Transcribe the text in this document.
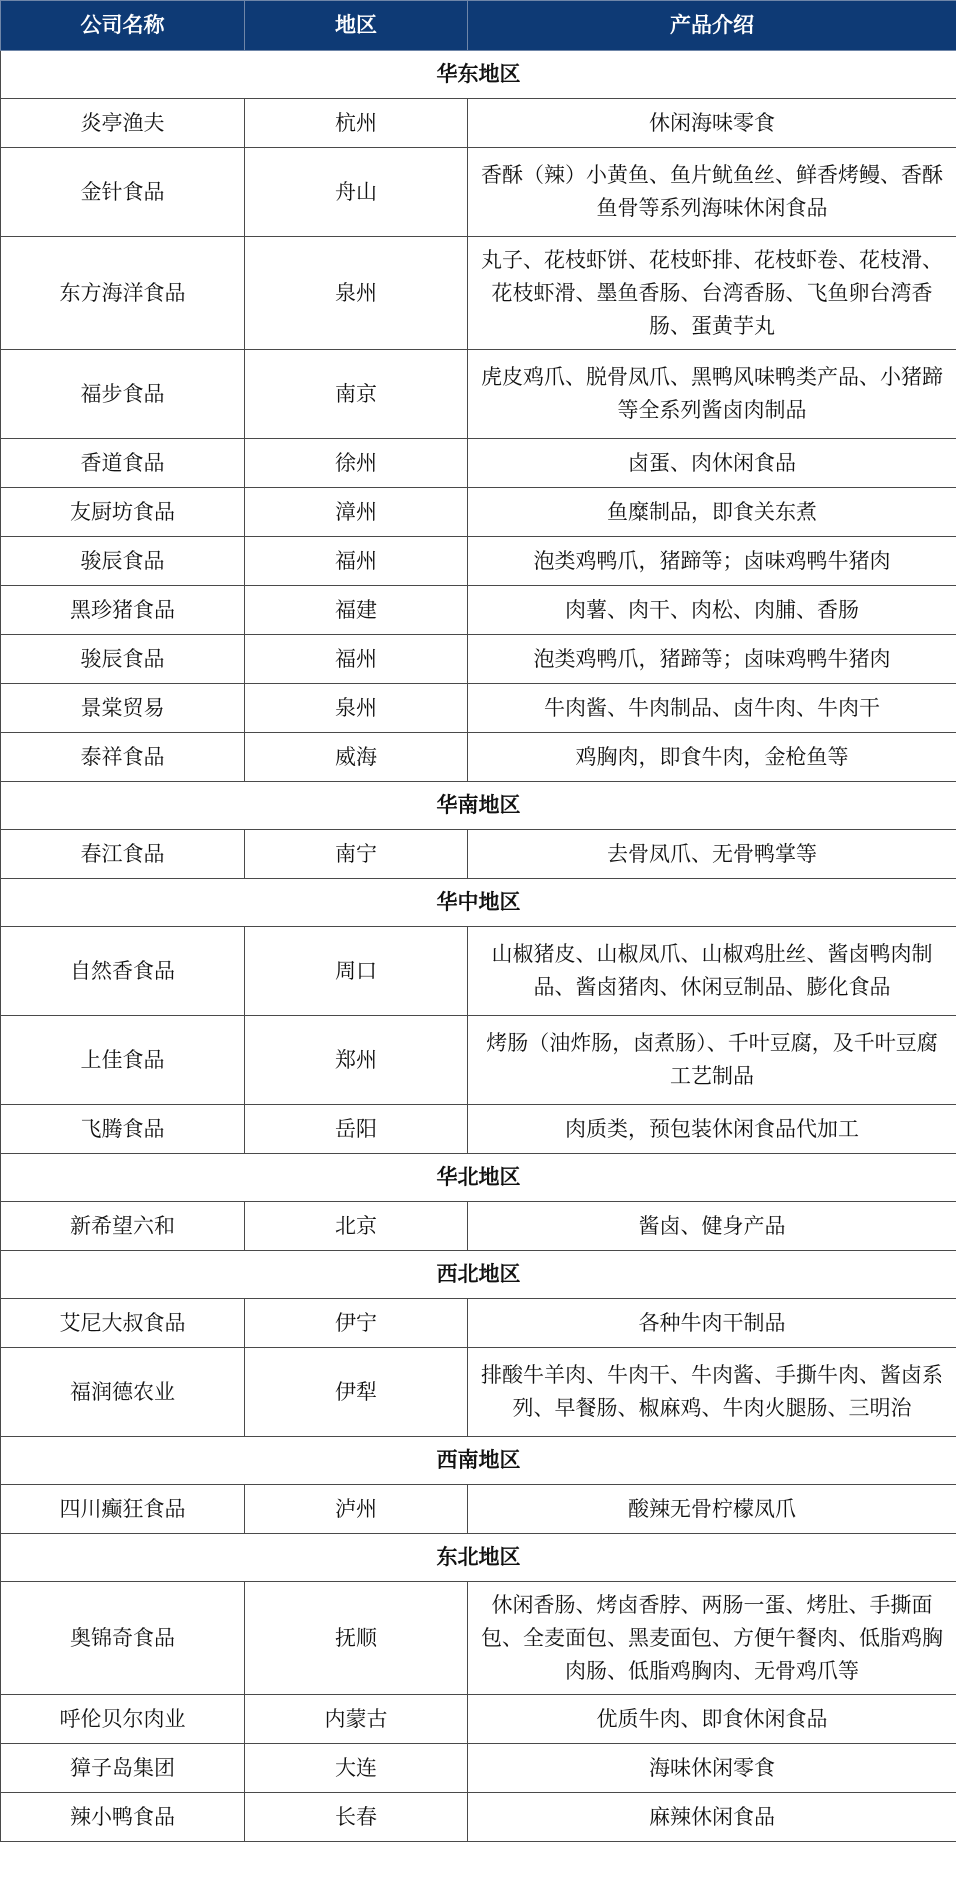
公司名称	地区	产品介绍
华东地区		
炎亭渔夫	杭州	休闲海味零食
金针食品	舟山	香酥（辣）小黄鱼、鱼片鱿鱼丝、鲜香烤鳗、香酥鱼骨等系列海味休闲食品
东方海洋食品	泉州	丸子、花枝虾饼、花枝虾排、花枝虾卷、花枝滑、花枝虾滑、墨鱼香肠、台湾香肠、飞鱼卵台湾香肠、蛋黄芋丸
福步食品	南京	虎皮鸡爪、脱骨凤爪、黑鸭风味鸭类产品、小猪蹄等全系列酱卤肉制品
香道食品	徐州	卤蛋、肉休闲食品
友厨坊食品	漳州	鱼糜制品，即食关东煮
骏辰食品	福州	泡类鸡鸭爪，猪蹄等；卤味鸡鸭牛猪肉
黑珍猪食品	福建	肉薯、肉干、肉松、肉脯、香肠
骏辰食品	福州	泡类鸡鸭爪，猪蹄等；卤味鸡鸭牛猪肉
景棠贸易	泉州	牛肉酱、牛肉制品、卤牛肉、牛肉干
泰祥食品	威海	鸡胸肉，即食牛肉，金枪鱼等
华南地区		
春江食品	南宁	去骨凤爪、无骨鸭掌等
华中地区		
自然香食品	周口	山椒猪皮、山椒凤爪、山椒鸡肚丝、酱卤鸭肉制品、酱卤猪肉、休闲豆制品、膨化食品
上佳食品	郑州	烤肠（油炸肠，卤煮肠）、千叶豆腐，及千叶豆腐工艺制品
飞腾食品	岳阳	肉质类，预包装休闲食品代加工
华北地区		
新希望六和	北京	酱卤、健身产品
西北地区		
艾尼大叔食品	伊宁	各种牛肉干制品
福润德农业	伊犁	排酸牛羊肉、牛肉干、牛肉酱、手撕牛肉、酱卤系列、早餐肠、椒麻鸡、牛肉火腿肠、三明治
西南地区		
四川癫狂食品	泸州	酸辣无骨柠檬凤爪
东北地区		
奥锦奇食品	抚顺	休闲香肠、烤卤香脖、两肠一蛋、烤肚、手撕面包、全麦面包、黑麦面包、方便午餐肉、低脂鸡胸肉肠、低脂鸡胸肉、无骨鸡爪等
呼伦贝尔肉业	内蒙古	优质牛肉、即食休闲食品
獐子岛集团	大连	海味休闲零食
辣小鸭食品	长春	麻辣休闲食品
